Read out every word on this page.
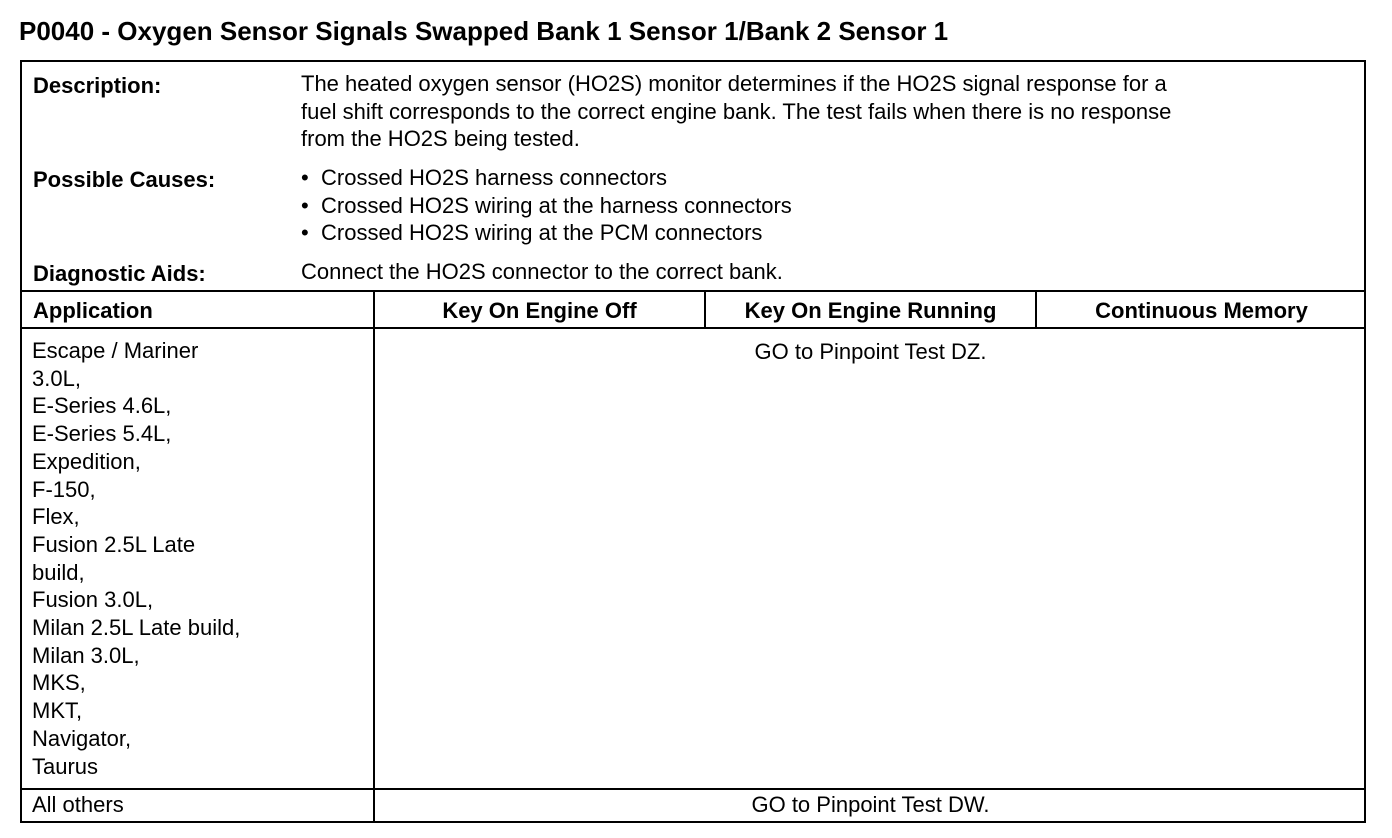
P0040 - Oxygen Sensor Signals Swapped Bank 1 Sensor 1/Bank 2 Sensor 1
Description:	The heated oxygen sensor (HO2S) monitor determines if the HO2S signal response for a
fuel shift corresponds to the correct engine bank. The test fails when there is no response
from the HO2S being tested.
Possible Causes:
•	Crossed HO2S harness connectors
• Crossed HO2S wiring at the harness connectors
• Crossed HO2S wiring at the PCM connectors
Diagnostic Aids:	Connect the HO2S connector to the correct bank.
Application	Key On Engine Off	Key On Engine Running	Continuous Memory
Escape / Mariner
3.0L,
E-Series 4.6L,
E-Series 5.4L,
Expedition,
F-150,
Flex,
Fusion 2.5L Late
build,
Fusion 3.0L,
Milan 2.5L Late build,
Milan 3.0L,
MKS,
MKT,
Navigator,
Taurus
GO to Pinpoint Test DZ.
All others	GO to Pinpoint Test DW.
